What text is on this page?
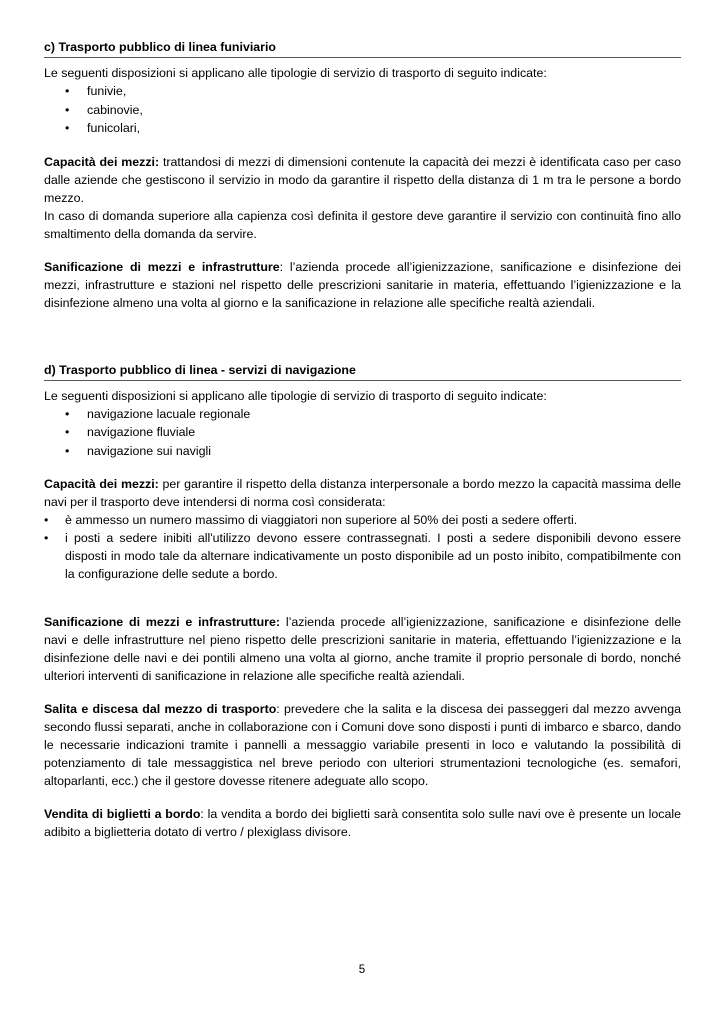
c) Trasporto pubblico di linea funiviario

Le seguenti disposizioni si applicano alle tipologie di servizio di trasporto di seguito indicate:

• funivie,
• cabinovie,
• funicolari,

Capacità dei mezzi: trattandosi di mezzi di dimensioni contenute la capacità dei mezzi è identificata caso per caso dalle aziende che gestiscono il servizio in modo da garantire il rispetto della distanza di 1 m tra le persone a bordo mezzo.

In caso di domanda superiore alla capienza così definita il gestore deve garantire il servizio con continuità fino allo smaltimento della domanda da servire.

Sanificazione di mezzi e infrastrutture: l’azienda procede all’igienizzazione, sanificazione e disinfezione dei mezzi, infrastrutture e stazioni nel rispetto delle prescrizioni sanitarie in materia, effettuando l’igienizzazione e la disinfezione almeno una volta al giorno e la sanificazione in relazione alle specifiche realtà aziendali.

d) Trasporto pubblico di linea - servizi di navigazione

Le seguenti disposizioni si applicano alle tipologie di servizio di trasporto di seguito indicate:

• navigazione lacuale regionale
• navigazione fluviale
• navigazione sui navigli

Capacità dei mezzi: per garantire il rispetto della distanza interpersonale a bordo mezzo la capacità massima delle navi per il trasporto deve intendersi di norma così considerata:

• è ammesso un numero massimo di viaggiatori non superiore al 50% dei posti a sedere offerti.
• i posti a sedere inibiti all'utilizzo devono essere contrassegnati. I posti a sedere disponibili devono essere disposti in modo tale da alternare indicativamente un posto disponibile ad un posto inibito, compatibilmente con la configurazione delle sedute a bordo.

Sanificazione di mezzi e infrastrutture: l’azienda procede all’igienizzazione, sanificazione e disinfezione delle navi e delle infrastrutture nel pieno rispetto delle prescrizioni sanitarie in materia, effettuando l’igienizzazione e la disinfezione delle navi e dei pontili almeno una volta al giorno, anche tramite il proprio personale di bordo, nonché ulteriori interventi di sanificazione in relazione alle specifiche realtà aziendali.

Salita e discesa dal mezzo di trasporto: prevedere che la salita e la discesa dei passeggeri dal mezzo avvenga secondo flussi separati, anche in collaborazione con i Comuni dove sono disposti i punti di imbarco e sbarco, dando le necessarie indicazioni tramite i pannelli a messaggio variabile presenti in loco e valutando la possibilità di potenziamento di tale messaggistica nel breve periodo con ulteriori strumentazioni tecnologiche (es. semafori, altoparlanti, ecc.) che il gestore dovesse ritenere adeguate allo scopo.

Vendita di biglietti a bordo: la vendita a bordo dei biglietti sarà consentita solo sulle navi ove è presente un locale adibito a biglietteria dotato di vertro / plexiglass divisore.

5
